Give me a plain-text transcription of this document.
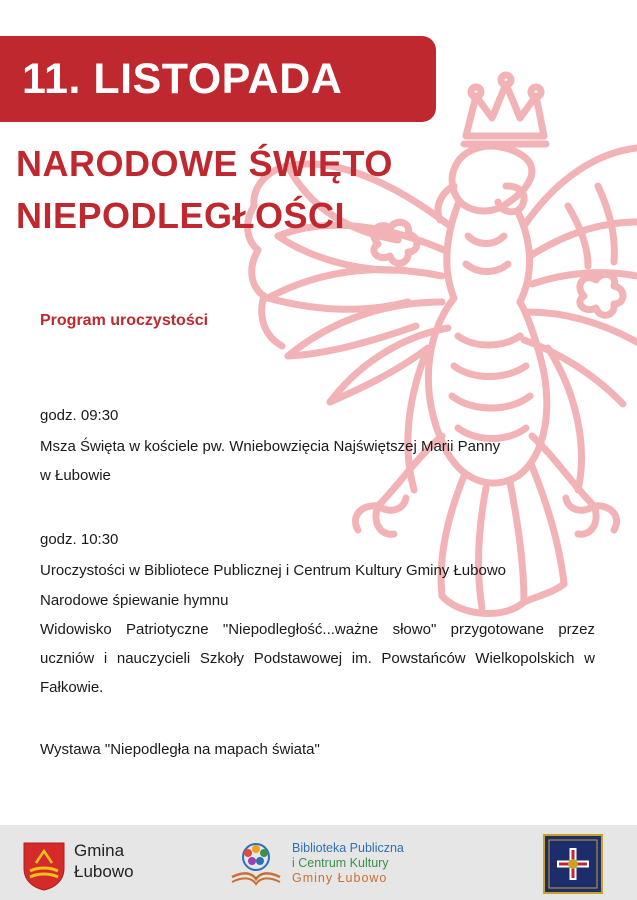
11. LISTOPADA
NARODOWE ŚWIĘTO
NIEPODLEGŁOŚCI
Program uroczystości
godz. 09:30
Msza Święta w kościele pw. Wniebowzięcia Najświętszej Marii Panny
w Łubowie
godz. 10:30
Uroczystości w Bibliotece Publicznej i Centrum Kultury Gminy Łubowo
Narodowe śpiewanie hymnu
Widowisko Patriotyczne "Niepodległość...ważne słowo" przygotowane przez uczniów i nauczycieli Szkoły Podstawowej im. Powstańców Wielkopolskich w Fałkowie.
Wystawa "Niepodległa na mapach świata"
Gmina
Łubowo
Biblioteka Publiczna
i Centrum Kultury
Gminy Łubowo
